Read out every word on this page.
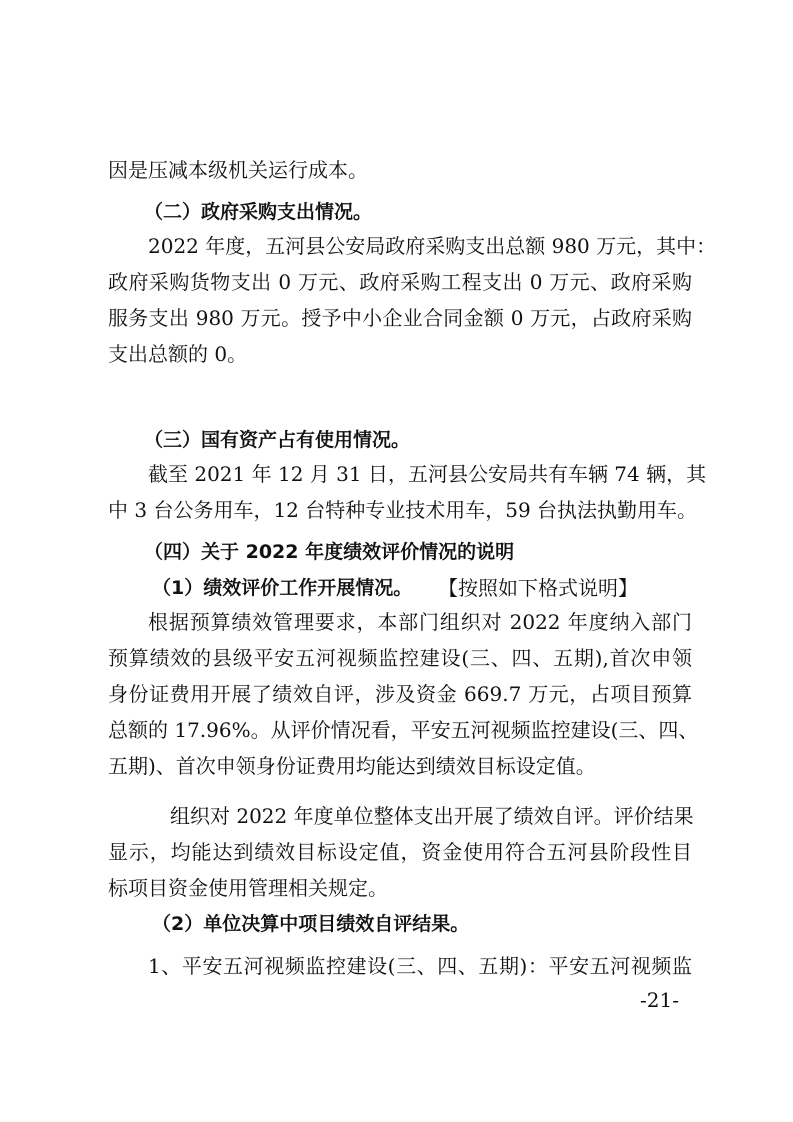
因是压减本级机关运行成本。
（二）政府采购支出情况。
2022 年度，五河县公安局政府采购支出总额 980 万元，其中：
政府采购货物支出 0 万元、政府采购工程支出 0 万元、政府采购
服务支出 980 万元。授予中小企业合同金额 0 万元，占政府采购
支出总额的 0。
（三）国有资产占有使用情况。
截至 2021 年 12 月 31 日，五河县公安局共有车辆 74 辆，其
中 3 台公务用车，12 台特种专业技术用车，59 台执法执勤用车。
（四）关于 2022 年度绩效评价情况的说明
（1）绩效评价工作开展情况。 【按照如下格式说明】
根据预算绩效管理要求，本部门组织对 2022 年度纳入部门
预算绩效的县级平安五河视频监控建设(三、四、五期),首次申领
身份证费用开展了绩效自评，涉及资金 669.7 万元，占项目预算
总额的 17.96%。从评价情况看，平安五河视频监控建设(三、四、
五期)、首次申领身份证费用均能达到绩效目标设定值。
组织对 2022 年度单位整体支出开展了绩效自评。评价结果
显示，均能达到绩效目标设定值，资金使用符合五河县阶段性目
标项目资金使用管理相关规定。
（2）单位决算中项目绩效自评结果。
1、平安五河视频监控建设(三、四、五期)：平安五河视频监
-21-
